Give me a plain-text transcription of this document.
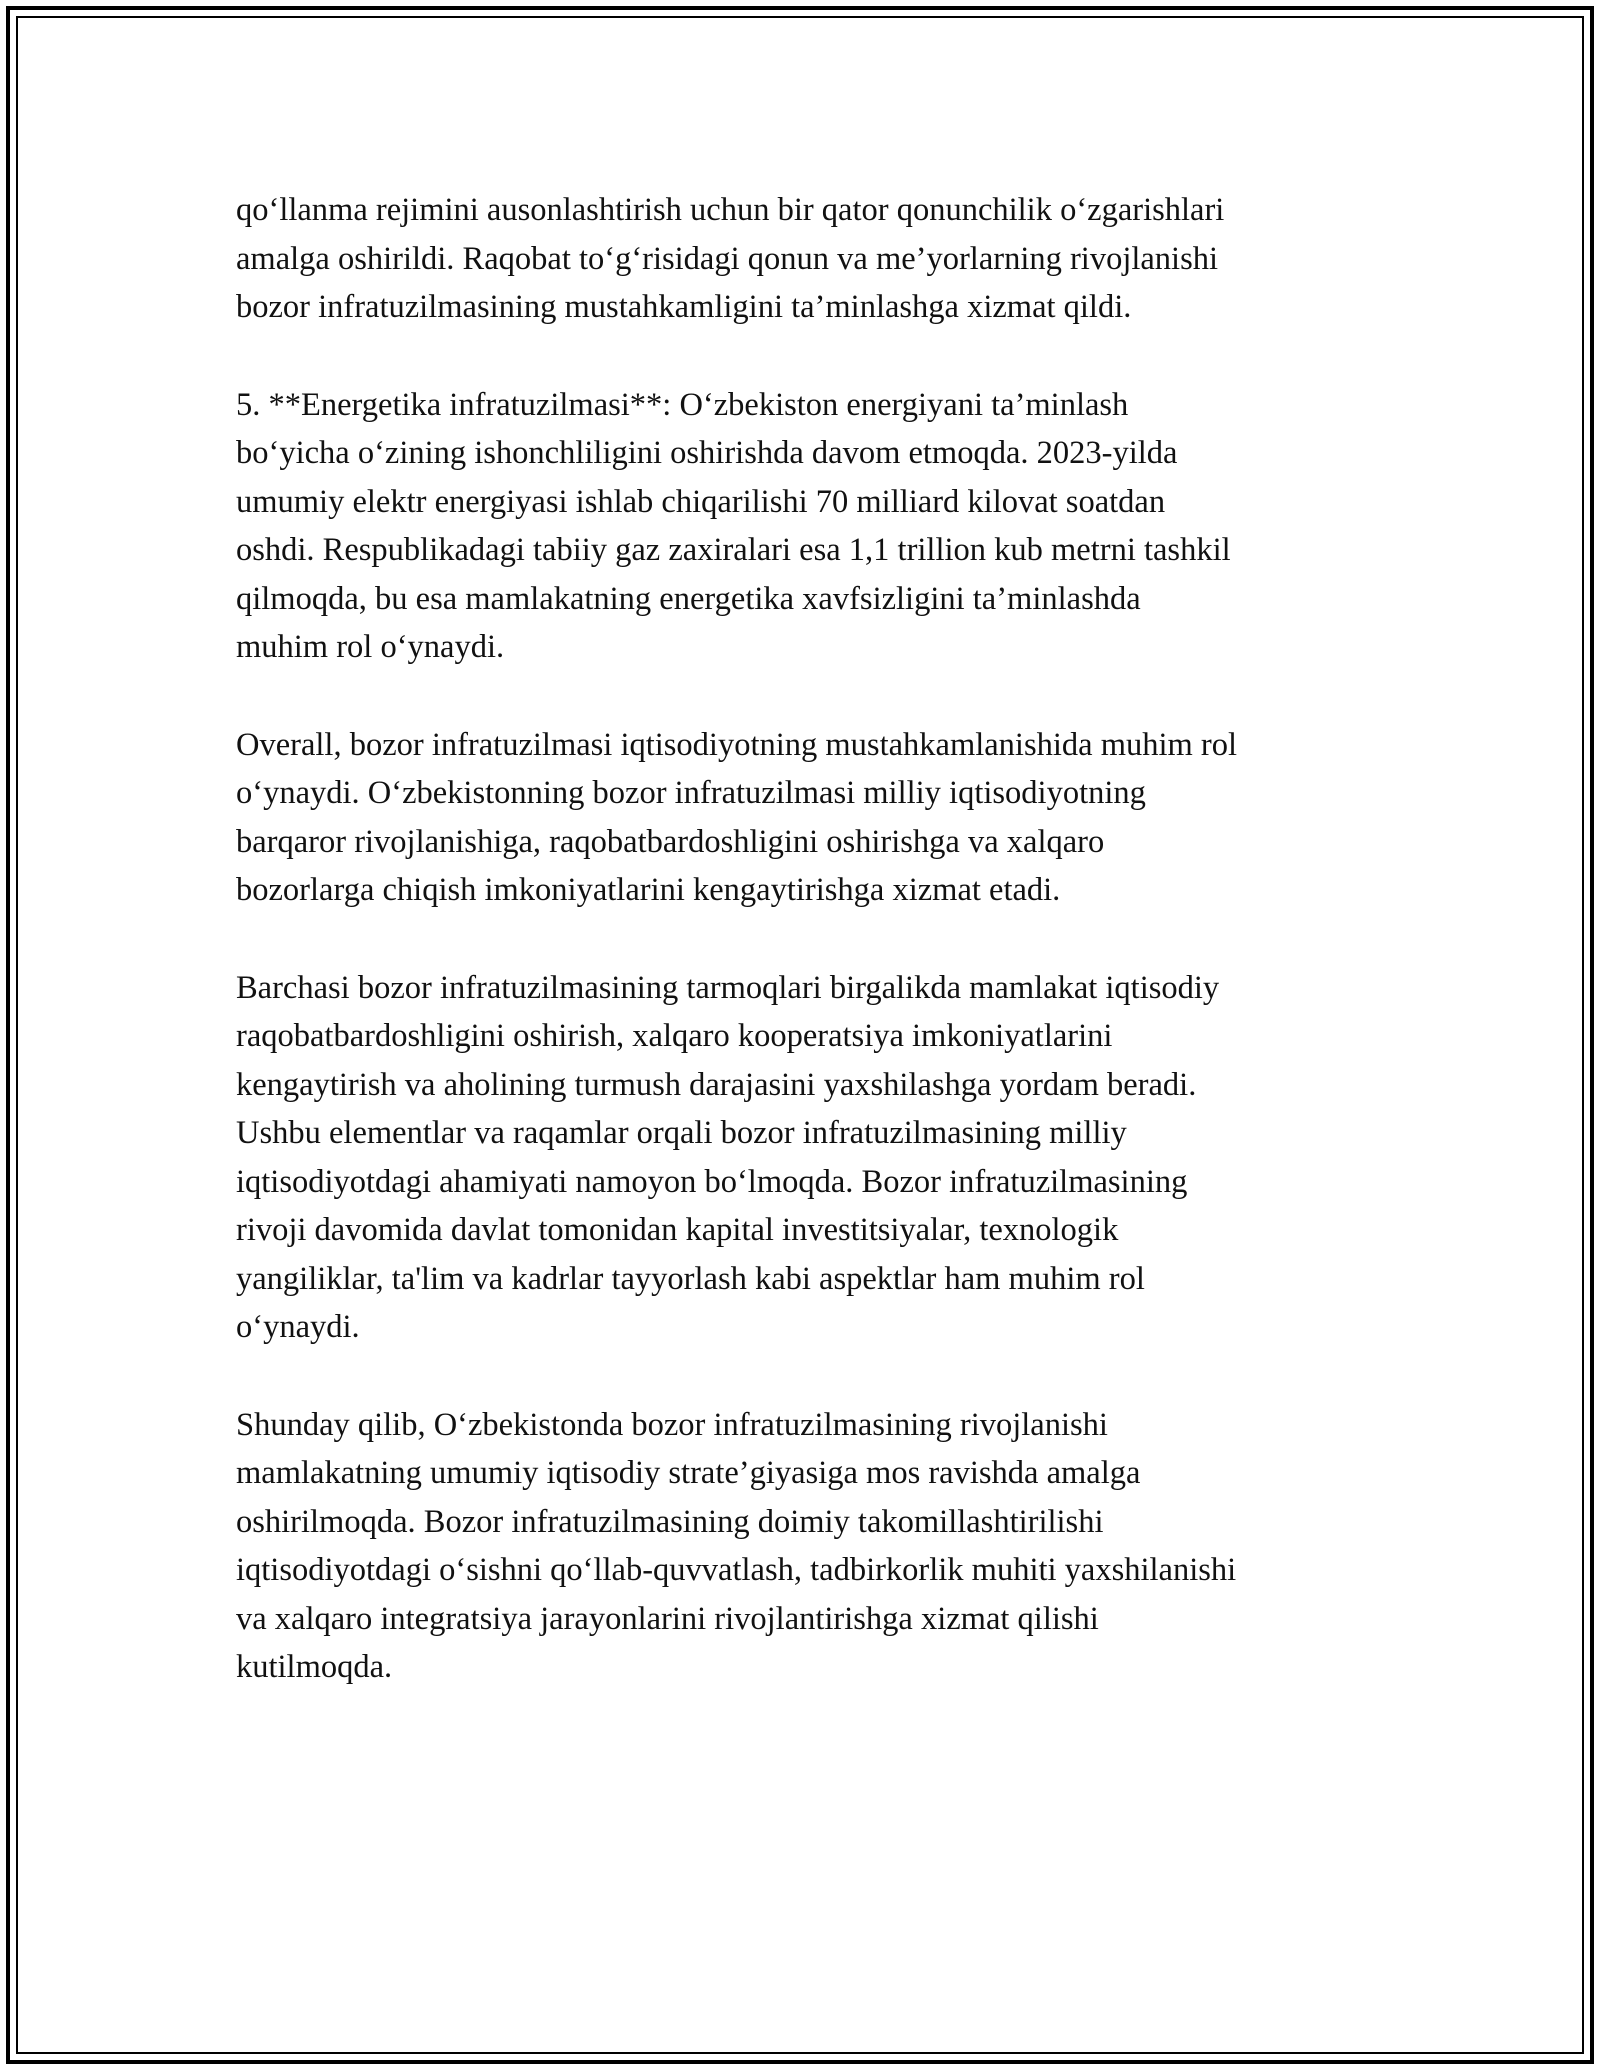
qo‘llanma rejimini ausonlashtirish uchun bir qator qonunchilik o‘zgarishlari
amalga oshirildi. Raqobat to‘g‘risidagi qonun va me’yorlarning rivojlanishi
bozor infratuzilmasining mustahkamligini ta’minlashga xizmat qildi.

5. **Energetika infratuzilmasi**: O‘zbekiston energiyani ta’minlash
bo‘yicha o‘zining ishonchliligini oshirishda davom etmoqda. 2023-yilda
umumiy elektr energiyasi ishlab chiqarilishi 70 milliard kilovat soatdan
oshdi. Respublikadagi tabiiy gaz zaxiralari esa 1,1 trillion kub metrni tashkil
qilmoqda, bu esa mamlakatning energetika xavfsizligini ta’minlashda
muhim rol o‘ynaydi.

Overall, bozor infratuzilmasi iqtisodiyotning mustahkamlanishida muhim rol
o‘ynaydi. O‘zbekistonning bozor infratuzilmasi milliy iqtisodiyotning
barqaror rivojlanishiga, raqobatbardoshligini oshirishga va xalqaro
bozorlarga chiqish imkoniyatlarini kengaytirishga xizmat etadi.

Barchasi bozor infratuzilmasining tarmoqlari birgalikda mamlakat iqtisodiy
raqobatbardoshligini oshirish, xalqaro kooperatsiya imkoniyatlarini
kengaytirish va aholining turmush darajasini yaxshilashga yordam beradi.
Ushbu elementlar va raqamlar orqali bozor infratuzilmasining milliy
iqtisodiyotdagi ahamiyati namoyon bo‘lmoqda. Bozor infratuzilmasining
rivoji davomida davlat tomonidan kapital investitsiyalar, texnologik
yangiliklar, ta'lim va kadrlar tayyorlash kabi aspektlar ham muhim rol
o‘ynaydi.

Shunday qilib, O‘zbekistonda bozor infratuzilmasining rivojlanishi
mamlakatning umumiy iqtisodiy strate’giyasiga mos ravishda amalga
oshirilmoqda. Bozor infratuzilmasining doimiy takomillashtirilishi
iqtisodiyotdagi o‘sishni qo‘llab-quvvatlash, tadbirkorlik muhiti yaxshilanishi
va xalqaro integratsiya jarayonlarini rivojlantirishga xizmat qilishi
kutilmoqda.
